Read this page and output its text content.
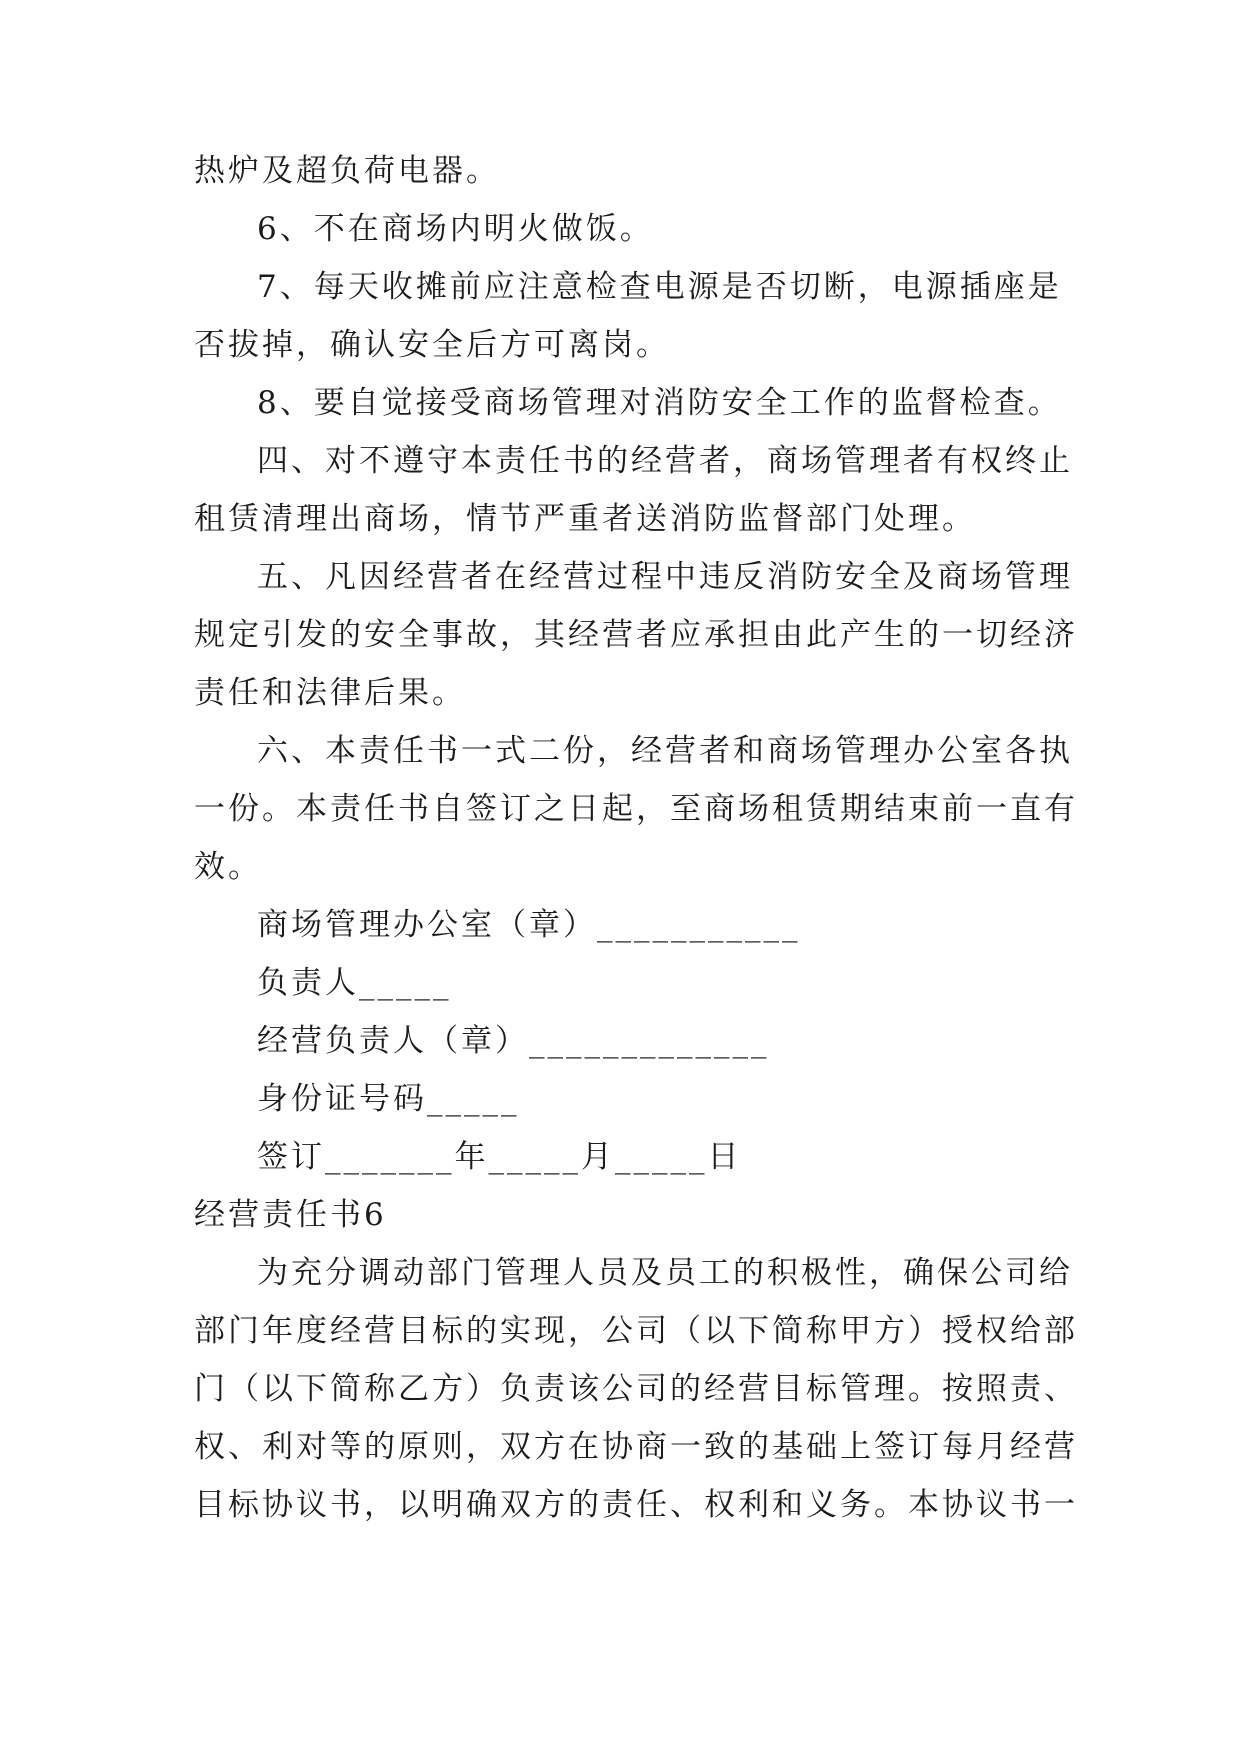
热炉及超负荷电器。
6、不在商场内明火做饭。
7、每天收摊前应注意检查电源是否切断，电源插座是
否拔掉，确认安全后方可离岗。
8、要自觉接受商场管理对消防安全工作的监督检查。
四、对不遵守本责任书的经营者，商场管理者有权终止
租赁清理出商场，情节严重者送消防监督部门处理。
五、凡因经营者在经营过程中违反消防安全及商场管理
规定引发的安全事故，其经营者应承担由此产生的一切经济
责任和法律后果。
六、本责任书一式二份，经营者和商场管理办公室各执
一份。本责任书自签订之日起，至商场租赁期结束前一直有
效。
商场管理办公室（章）___________
负责人_____
经营负责人（章）_____________
身份证号码_____
签订_______年_____月_____日
经营责任书6
为充分调动部门管理人员及员工的积极性，确保公司给
部门年度经营目标的实现，公司（以下简称甲方）授权给部
门（以下简称乙方）负责该公司的经营目标管理。按照责、
权、利对等的原则，双方在协商一致的基础上签订每月经营
目标协议书，以明确双方的责任、权利和义务。本协议书一
